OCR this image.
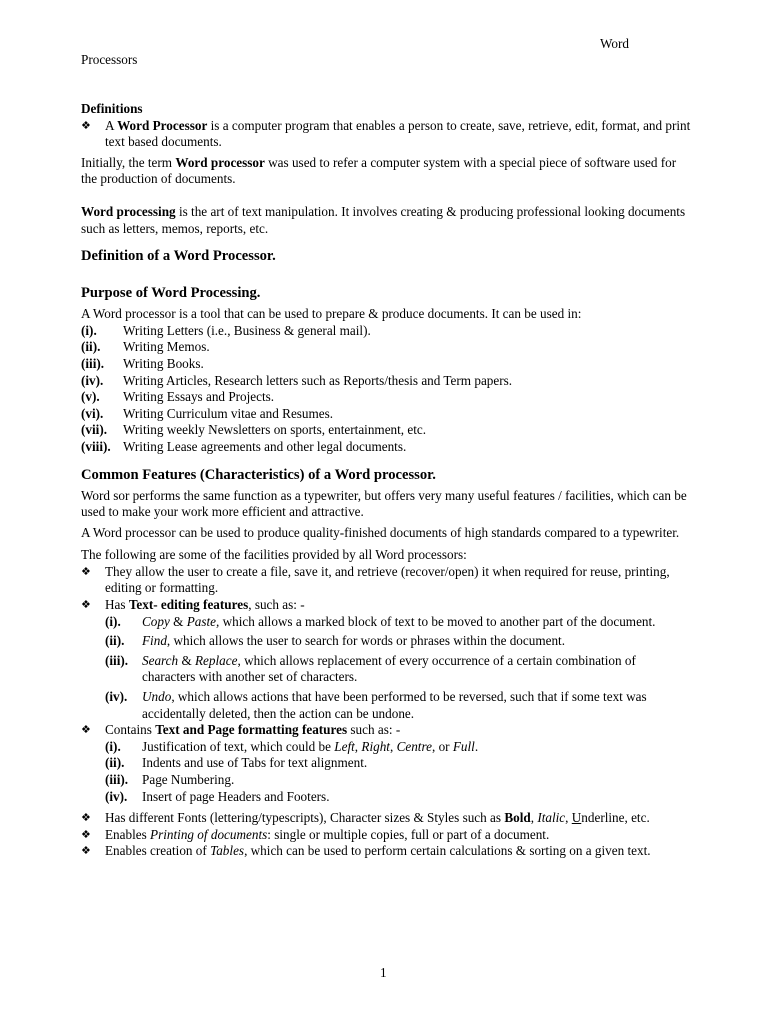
Word
Processors

Definitions

❖	A Word Processor is a computer program that enables a person to create, save, retrieve, edit, format, and print text based documents.

Initially, the term Word processor was used to refer a computer system with a special piece of software used for the production of documents.

Word processing is the art of text manipulation. It involves creating & producing professional looking documents such as letters, memos, reports, etc.

Definition of a Word Processor.

Purpose of Word Processing.

A Word processor is a tool that can be used to prepare & produce documents. It can be used in:

(i). Writing Letters (i.e., Business & general mail).
(ii). Writing Memos.
(iii). Writing Books.
(iv). Writing Articles, Research letters such as Reports/thesis and Term papers.
(v). Writing Essays and Projects.
(vi). Writing Curriculum vitae and Resumes.
(vii). Writing weekly Newsletters on sports, entertainment, etc.
(viii). Writing Lease agreements and other legal documents.

Common Features (Characteristics) of a Word processor.

Word sor performs the same function as a typewriter, but offers very many useful features / facilities, which can be used to make your work more efficient and attractive.

A Word processor can be used to produce quality-finished documents of high standards compared to a typewriter.

The following are some of the facilities provided by all Word processors:

❖	They allow the user to create a file, save it, and retrieve (recover/open) it when required for reuse, printing, editing or formatting.
❖	Has Text- editing features, such as: -
(i). Copy & Paste, which allows a marked block of text to be moved to another part of the document.
(ii). Find, which allows the user to search for words or phrases within the document.
(iii). Search & Replace, which allows replacement of every occurrence of a certain combination of characters with another set of characters.
(iv). Undo, which allows actions that have been performed to be reversed, such that if some text was accidentally deleted, then the action can be undone.
❖	Contains Text and Page formatting features such as: -
(i). Justification of text, which could be Left, Right, Centre, or Full.
(ii). Indents and use of Tabs for text alignment.
(iii). Page Numbering.
(iv). Insert of page Headers and Footers.
❖	Has different Fonts (lettering/typescripts), Character sizes & Styles such as Bold, Italic, Underline, etc.
❖	Enables Printing of documents: single or multiple copies, full or part of a document.
❖	Enables creation of Tables, which can be used to perform certain calculations & sorting on a given text.
1
